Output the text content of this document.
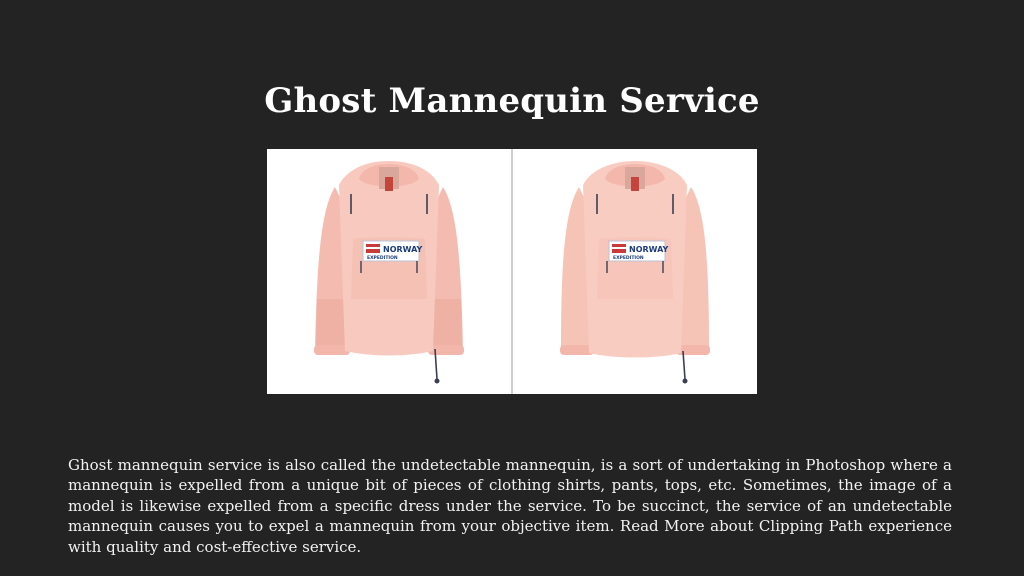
Ghost Mannequin Service
NORWAY
EXPEDITION
NORWAY
EXPEDITION

Ghost mannequin service is also called the undetectable mannequin, is a sort of undertaking in Photoshop where a mannequin is expelled from a unique bit of pieces of clothing shirts, pants, tops, etc. Sometimes, the image of a model is likewise expelled from a specific dress under the service. To be succinct, the service of an undetectable mannequin causes you to expel a mannequin from your objective item. Read More about Clipping Path experience with quality and cost-effective service.
